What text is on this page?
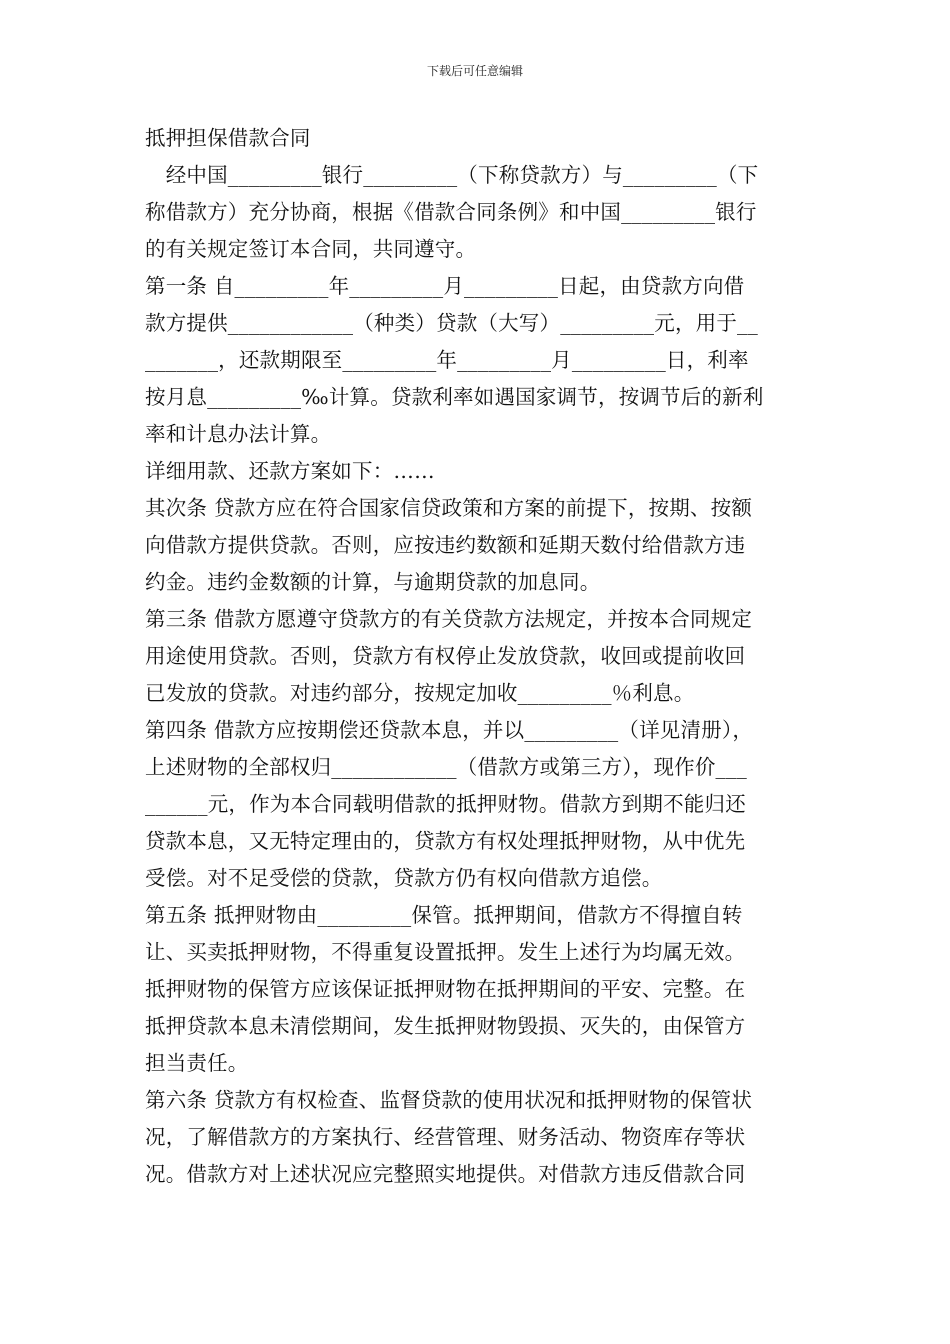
下载后可任意编辑
抵押担保借款合同
　经中国_________银行_________（下称贷款方）与_________（下
称借款方）充分协商，根据《借款合同条例》和中国_________银行
的有关规定签订本合同，共同遵守。
第一条 自_________年_________月_________日起，由贷款方向借
款方提供____________（种类）贷款（大写）_________元，用于__
_______，还款期限至_________年_________月_________日，利率
按月息_________‰计算。贷款利率如遇国家调节，按调节后的新利
率和计息办法计算。
详细用款、还款方案如下：……
其次条 贷款方应在符合国家信贷政策和方案的前提下，按期、按额
向借款方提供贷款。否则，应按违约数额和延期天数付给借款方违
约金。违约金数额的计算，与逾期贷款的加息同。
第三条 借款方愿遵守贷款方的有关贷款方法规定，并按本合同规定
用途使用贷款。否则，贷款方有权停止发放贷款，收回或提前收回
已发放的贷款。对违约部分，按规定加收_________％利息。
第四条 借款方应按期偿还贷款本息，并以_________（详见清册），
上述财物的全部权归____________（借款方或第三方），现作价___
______元，作为本合同载明借款的抵押财物。借款方到期不能归还
贷款本息，又无特定理由的，贷款方有权处理抵押财物，从中优先
受偿。对不足受偿的贷款，贷款方仍有权向借款方追偿。
第五条 抵押财物由_________保管。抵押期间，借款方不得擅自转
让、买卖抵押财物，不得重复设置抵押。发生上述行为均属无效。
抵押财物的保管方应该保证抵押财物在抵押期间的平安、完整。在
抵押贷款本息未清偿期间，发生抵押财物毁损、灭失的，由保管方
担当责任。
第六条 贷款方有权检查、监督贷款的使用状况和抵押财物的保管状
况，了解借款方的方案执行、经营管理、财务活动、物资库存等状
况。借款方对上述状况应完整照实地提供。对借款方违反借款合同
